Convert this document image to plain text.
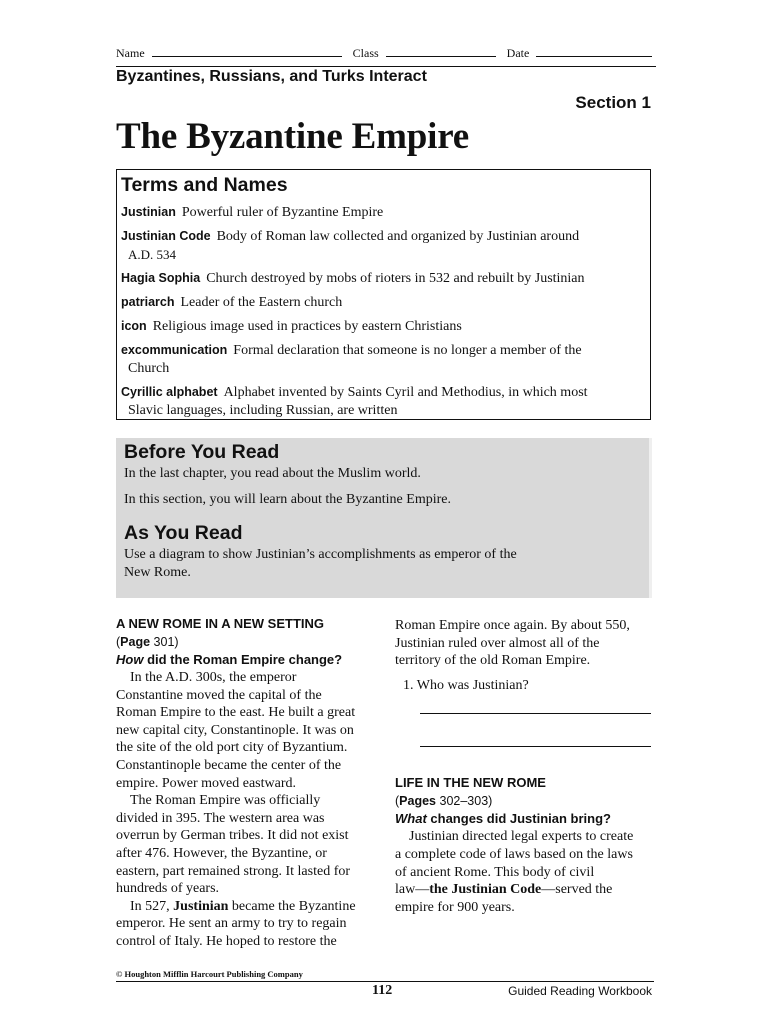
Name	Class	Date
Byzantines, Russians, and Turks Interact
Section 1
The Byzantine Empire
Terms and Names
Justinian Powerful ruler of Byzantine Empire
Justinian Code Body of Roman law collected and organized by Justinian around
A.D. 534
Hagia Sophia Church destroyed by mobs of rioters in 532 and rebuilt by Justinian
patriarch Leader of the Eastern church
icon Religious image used in practices by eastern Christians
excommunication Formal declaration that someone is no longer a member of the
Church
Cyrillic alphabet Alphabet invented by Saints Cyril and Methodius, in which most
Slavic languages, including Russian, are written
Before You Read

In the last chapter, you read about the Muslim world.

In this section, you will learn about the Byzantine Empire.

As You Read

Use a diagram to show Justinian’s accomplishments as emperor of the

New Rome.

A NEW ROME IN A NEW SETTING

(Page 301)

How did the Roman Empire change?

In the A.D. 300s, the emperor

Constantine moved the capital of the

Roman Empire to the east. He built a great

new capital city, Constantinople. It was on

the site of the old port city of Byzantium.

Constantinople became the center of the

empire. Power moved eastward.

The Roman Empire was officially

divided in 395. The western area was

overrun by German tribes. It did not exist

after 476. However, the Byzantine, or

eastern, part remained strong. It lasted for

hundreds of years.

In 527, Justinian became the Byzantine

emperor. He sent an army to try to regain

control of Italy. He hoped to restore the

Roman Empire once again. By about 550,

Justinian ruled over almost all of the

territory of the old Roman Empire.

1. Who was Justinian?

LIFE IN THE NEW ROME

(Pages 302–303)

What changes did Justinian bring?

Justinian directed legal experts to create

a complete code of laws based on the laws

of ancient Rome. This body of civil

law—the Justinian Code—served the

empire for 900 years.

© Houghton Mifflin Harcourt Publishing Company
112	Guided Reading Workbook
